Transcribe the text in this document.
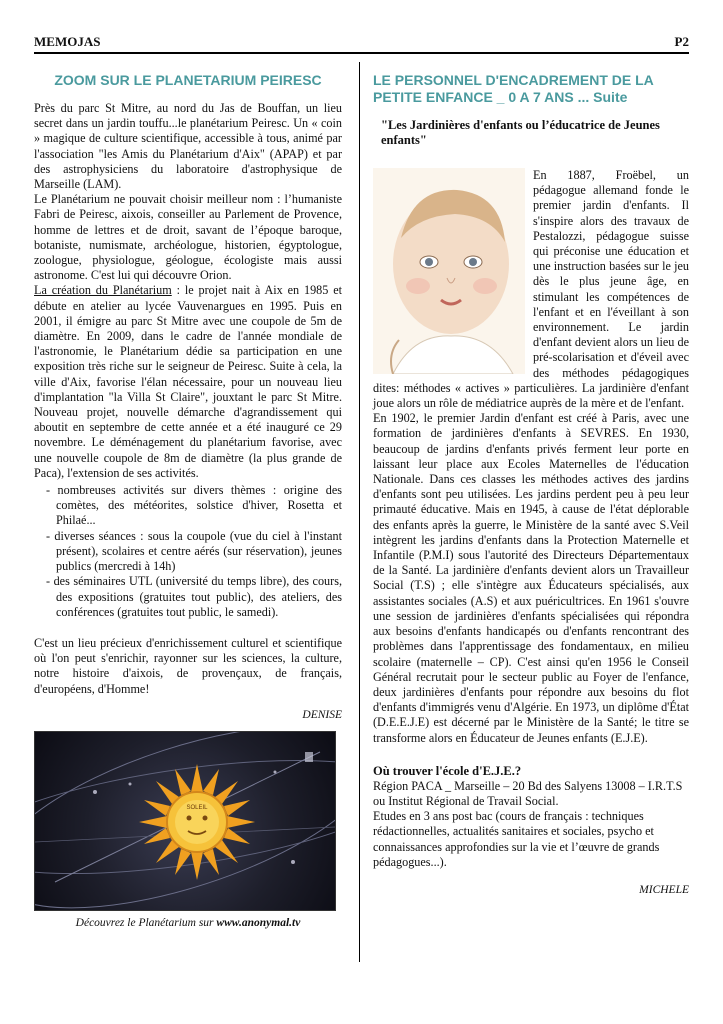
MEMOJAS	P2
ZOOM SUR LE PLANETARIUM PEIRESC

Près du parc St Mitre, au nord du Jas de Bouffan, un lieu secret dans un jardin touffu...le planétarium Peiresc. Un « coin » magique de culture scientifique, accessible à tous, animé par l'association "les Amis du Planétarium d'Aix" (APAP) et par des astrophysiciens du laboratoire d'astrophysique de Marseille (LAM).

Le Planétarium ne pouvait choisir meilleur nom : l’humaniste Fabri de Peiresc, aixois, conseiller au Parlement de Provence, homme de lettres et de droit, savant de l’époque baroque, botaniste, numismate, archéologue, historien, égyptologue, zoologue, physiologue, géologue, écologiste mais aussi astronome. C'est lui qui découvre Orion.

La création du Planétarium : le projet nait à Aix en 1985 et débute en atelier au lycée Vauvenargues en 1995. Puis en 2001, il émigre au parc St Mitre avec une coupole de 5m de diamètre. En 2009, dans le cadre de l'année mondiale de l'astronomie, le Planétarium dédie sa participation en une exposition très riche sur le seigneur de Peiresc. Suite à cela, la ville d'Aix, favorise l'élan nécessaire, pour un nouveau lieu d'implantation "la Villa St Claire", jouxtant le parc St Mitre. Nouveau projet, nouvelle démarche d'agrandissement qui aboutit en septembre de cette année et a été inauguré ce 29 novembre. Le déménagement du planétarium favorise, avec une nouvelle coupole de 8m de diamètre (la plus grande de Paca), l'extension de ses activités.

- nombreuses activités sur divers thèmes : origine des comètes, des météorites, solstice d'hiver, Rosetta et Philaé...
- diverses séances : sous la coupole (vue du ciel à l'instant présent), scolaires et centre aérés (sur réservation), jeunes publics (mercredi à 14h)
- des séminaires UTL (université du temps libre), des cours, des expositions (gratuites tout public), des ateliers, des conférences (gratuites tout public, le samedi).

C'est un lieu précieux d'enrichissement culturel et scientifique où l'on peut s'enrichir, rayonner sur les sciences, la culture, notre histoire d'aixois, de provençaux, de français, d'européens, d'Homme!

DENISE
SOLEIL
Découvrez le Planétarium sur www.anonymal.tv
LE PERSONNEL D'ENCADREMENT DE LA PETITE ENFANCE _ 0 A 7 ANS ... Suite
"Les Jardinières d'enfants ou l’éducatrice de Jeunes enfants"

En 1887, Froëbel, un pédagogue allemand fonde le premier jardin d'enfants. Il s'inspire alors des travaux de Pestalozzi, pédagogue suisse qui préconise une éducation et une instruction basées sur le jeu dès le plus jeune âge, en stimulant les compétences de l'enfant et en l'éveillant à son environnement. Le jardin d'enfant devient alors un lieu de pré-scolarisation et d'éveil avec des méthodes pédagogiques dites: méthodes « actives » particulières. La jardinière d'enfant joue alors un rôle de médiatrice auprès de la mère et de l'enfant.

En 1902, le premier Jardin d'enfant est créé à Paris, avec une formation de jardinières d'enfants à SEVRES. En 1930, beaucoup de jardins d'enfants privés ferment leur porte en laissant leur place aux Ecoles Maternelles de l'éducation Nationale. Dans ces classes les méthodes actives des jardins d'enfants sont peu utilisées. Les jardins perdent peu à peu leur primauté éducative. Mais en 1945, à cause de l'état déplorable des enfants après la guerre, le Ministère de la santé avec S.Veil intègrent les jardins d'enfants dans la Protection Maternelle et Infantile (P.M.I) sous l'autorité des Directeurs Départementaux de la Santé. La jardinière d'enfants devient alors un Travailleur Social (T.S) ; elle s'intègre aux Éducateurs spécialisés, aux assistantes sociales (A.S) et aux puéricultrices. En 1961 s'ouvre une session de jardinières d'enfants spécialisées qui répondra aux besoins d'enfants handicapés ou d'enfants rencontrant des problèmes dans l'apprentissage des fondamentaux, en milieu scolaire (maternelle – CP). C'est ainsi qu'en 1956 le Conseil Général recrutait pour le secteur public au Foyer de l'enfance, deux jardinières d'enfants pour répondre aux besoins du flot d'enfants d'immigrés venu d'Algérie. En 1973, un diplôme d'État (D.E.E.J.E) est décerné par le Ministère de la Santé; le titre se transforme alors en Éducateur de Jeunes enfants (E.J.E).

Où trouver l'école d'E.J.E.?

Région PACA _ Marseille – 20 Bd des Salyens 13008 – I.R.T.S ou Institut Régional de Travail Social.

Etudes en 3 ans post bac (cours de français : techniques rédactionnelles, actualités sanitaires et sociales, psycho et connaissances approfondies sur la vie et l’œuvre de grands pédagogues...).

MICHELE
